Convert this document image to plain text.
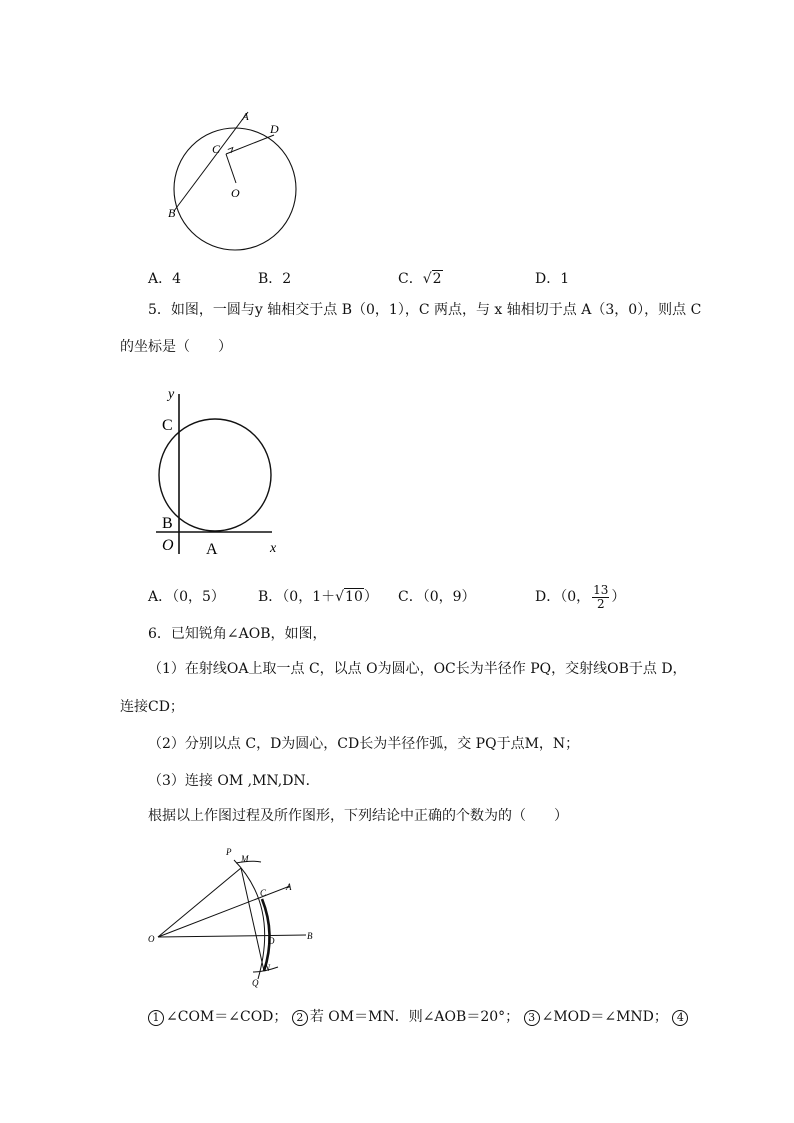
A
D
C
O
B
A．4	B．2	C．√2	D．1
5．如图，一圆与y 轴相交于点 B（0，1），C 两点，与 x 轴相切于点 A（3，0），则点 C
的坐标是（　　）
y
C
B
O A	x
A．（0，5） B．（0，1＋√10） C．（0，9）	D．（0， $\frac{13}{2}$ ）
6．已知锐角∠AOB，如图，
（1）在射线OA上取一点 C，以点 O为圆心，OC长为半径作 PQ，交射线OB于点 D，
连接CD；
（2）分别以点 C，D为圆心，CD长为半径作弧，交 PQ于点M，N；
（3）连接 OM ,MN,DN．
根据以上作图过程及所作图形，下列结论中正确的个数为的（　　）
P
M
C
A
O	D	B
N
Q
1 ∠COM＝∠COD； 2 若 OM＝MN．则∠AOB＝20°； 3 ∠MOD＝∠MND； 4
